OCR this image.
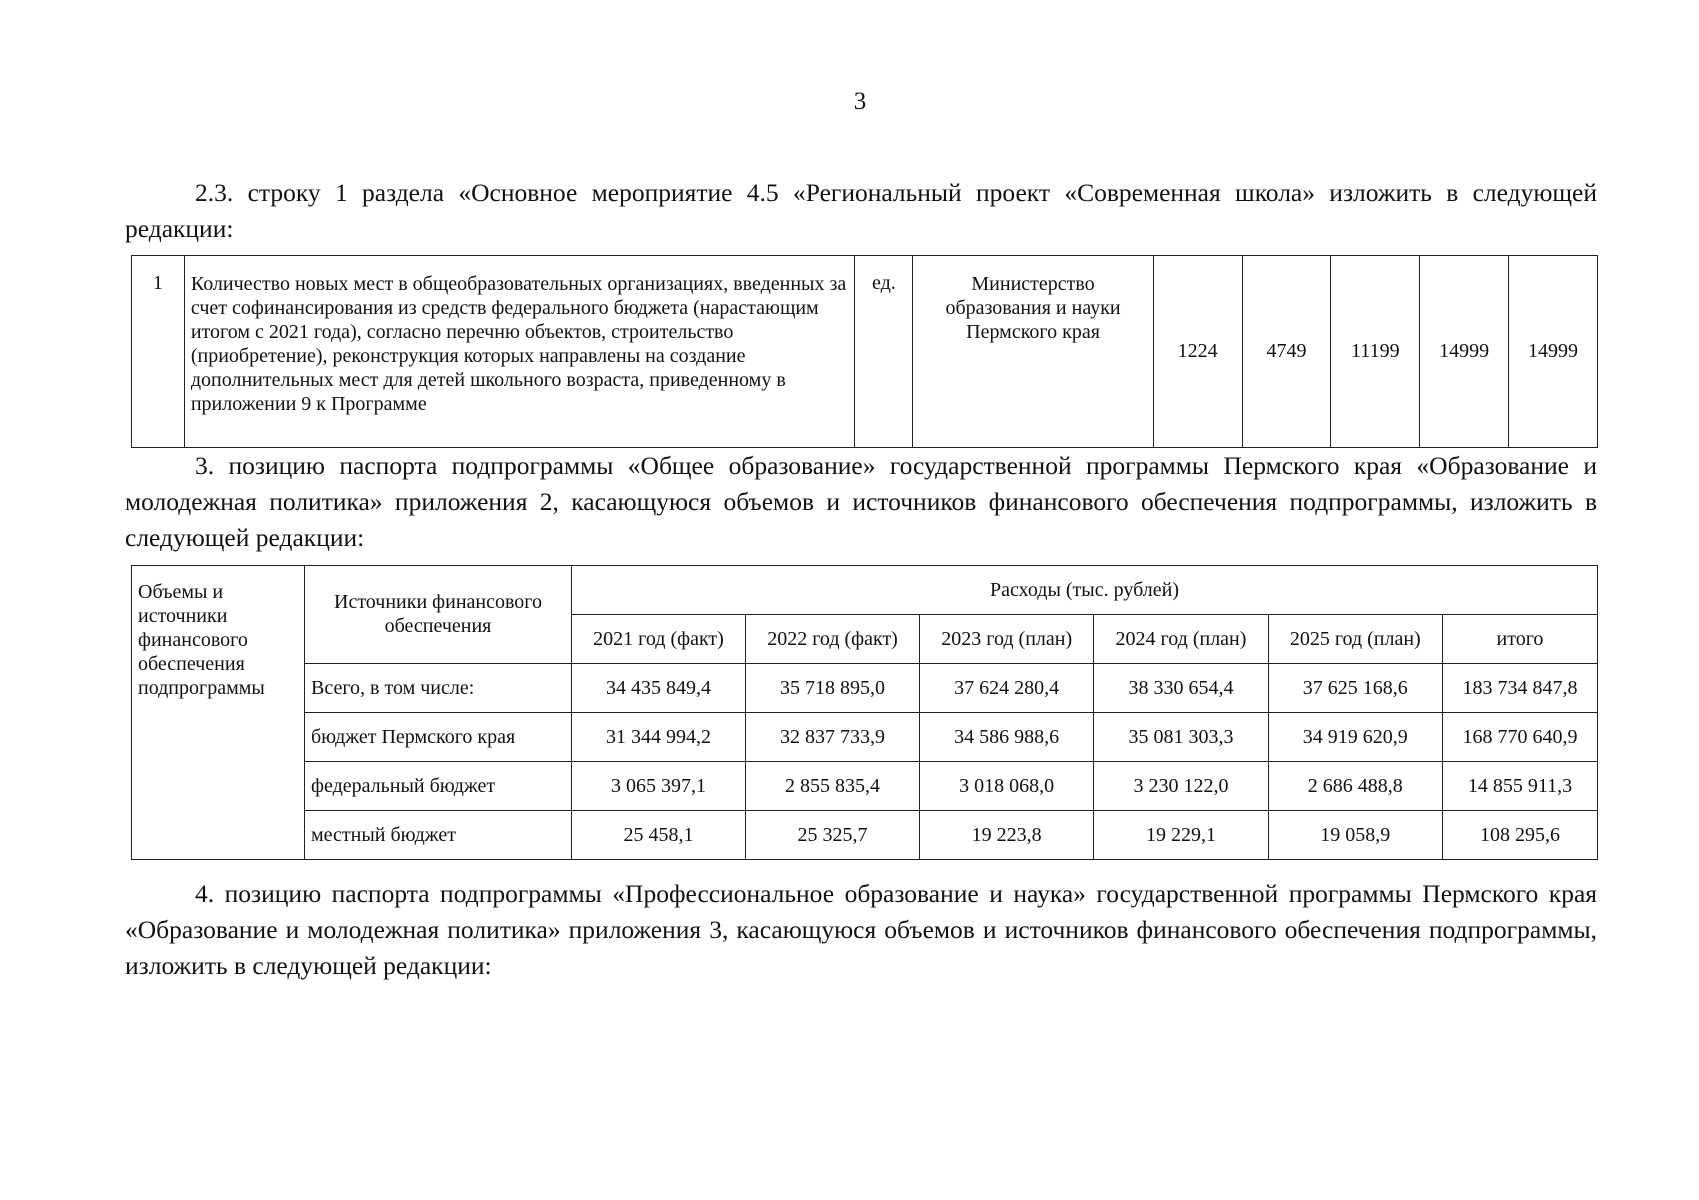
3

2.3. строку 1 раздела «Основное мероприятие 4.5 «Региональный проект «Современная школа» изложить в следующей редакции:

1	Количество новых мест в общеобразовательных организациях, введенных за счет софинансирования из средств федерального бюджета (нарастающим итогом с 2021 года), согласно перечню объектов, строительство (приобретение), реконструкция которых направлены на создание дополнительных мест для детей школьного возраста, приведенному в приложении 9 к Программе	ед.	Министерство образования и науки Пермского края	1224	4749	11199	14999	14999

3. позицию паспорта подпрограммы «Общее образование» государственной программы Пермского края «Образование и молодежная политика» приложения 2, касающуюся объемов и источников финансового обеспечения подпрограммы, изложить в следующей редакции:

Объемы и источники финансового обеспечения подпрограммы	Источники финансового обеспечения	Расходы (тыс. рублей)					
		2021 год (факт)	2022 год (факт)	2023 год (план)	2024 год (план)	2025 год (план)	итого
	Всего, в том числе:	34 435 849,4	35 718 895,0	37 624 280,4	38 330 654,4	37 625 168,6	183 734 847,8
	бюджет Пермского края	31 344 994,2	32 837 733,9	34 586 988,6	35 081 303,3	34 919 620,9	168 770 640,9
	федеральный бюджет	3 065 397,1	2 855 835,4	3 018 068,0	3 230 122,0	2 686 488,8	14 855 911,3
	местный бюджет	25 458,1	25 325,7	19 223,8	19 229,1	19 058,9	108 295,6

4. позицию паспорта подпрограммы «Профессиональное образование и наука» государственной программы Пермского края «Образование и молодежная политика» приложения 3, касающуюся объемов и источников финансового обеспечения подпрограммы, изложить в следующей редакции:
